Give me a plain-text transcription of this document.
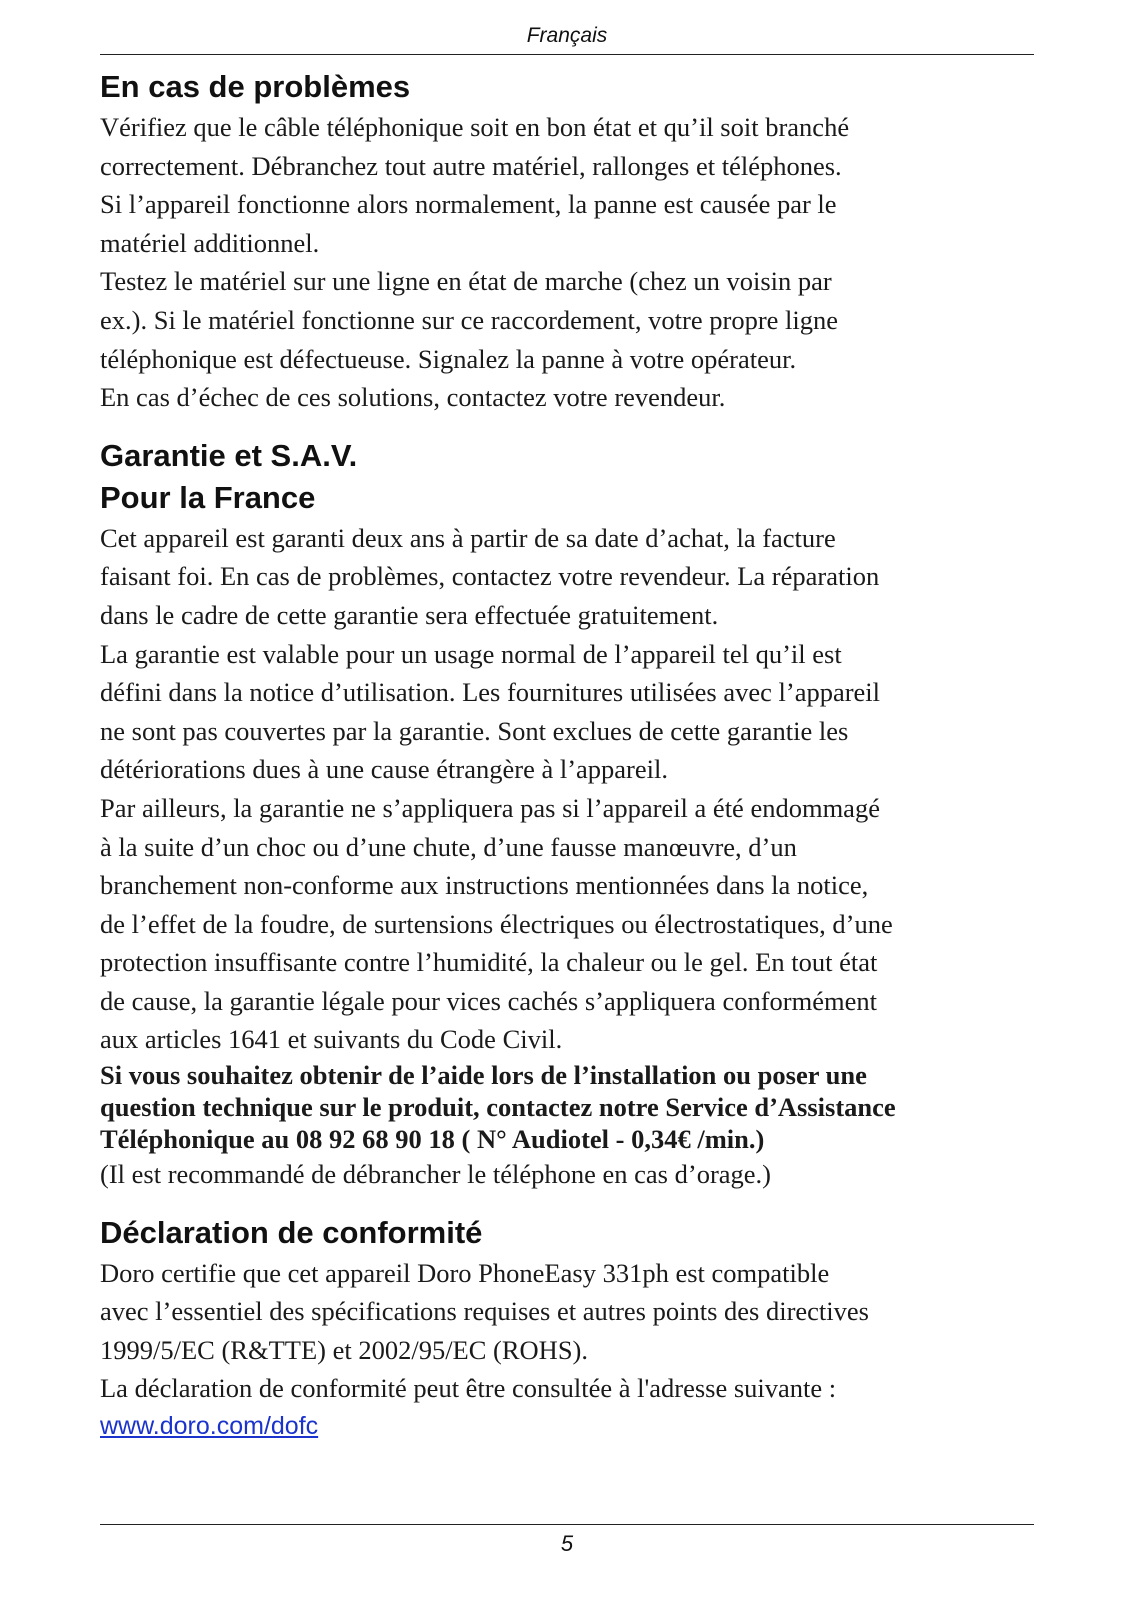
Français
En cas de problèmes

Vérifiez que le câble téléphonique soit en bon état et qu’il soit branché

correctement. Débranchez tout autre matériel, rallonges et téléphones.

Si l’appareil fonctionne alors normalement, la panne est causée par le

matériel additionnel.

Testez le matériel sur une ligne en état de marche (chez un voisin par

ex.). Si le matériel fonctionne sur ce raccordement, votre propre ligne

téléphonique est défectueuse. Signalez la panne à votre opérateur.

En cas d’échec de ces solutions, contactez votre revendeur.

Garantie et S.A.V.
Pour la France

Cet appareil est garanti deux ans à partir de sa date d’achat, la facture

faisant foi. En cas de problèmes, contactez votre revendeur. La réparation

dans le cadre de cette garantie sera effectuée gratuitement.

La garantie est valable pour un usage normal de l’appareil tel qu’il est

défini dans la notice d’utilisation. Les fournitures utilisées avec l’appareil

ne sont pas couvertes par la garantie. Sont exclues de cette garantie les

détériorations dues à une cause étrangère à l’appareil.

Par ailleurs, la garantie ne s’appliquera pas si l’appareil a été endommagé

à la suite d’un choc ou d’une chute, d’une fausse manœuvre, d’un

branchement non-conforme aux instructions mentionnées dans la notice,

de l’effet de la foudre, de surtensions électriques ou électrostatiques, d’une

protection insuffisante contre l’humidité, la chaleur ou le gel. En tout état

de cause, la garantie légale pour vices cachés s’appliquera conformément

aux articles 1641 et suivants du Code Civil.

Si vous souhaitez obtenir de l’aide lors de l’installation ou poser une

question technique sur le produit, contactez notre Service d’Assistance

Téléphonique au 08 92 68 90 18 ( N° Audiotel - 0,34€ /min.)

(Il est recommandé de débrancher le téléphone en cas d’orage.)

Déclaration de conformité

Doro certifie que cet appareil Doro PhoneEasy 331ph est compatible

avec l’essentiel des spécifications requises et autres points des directives

1999/5/EC (R&TTE) et 2002/95/EC (ROHS).

La déclaration de conformité peut être consultée à l'adresse suivante :

www.doro.com/dofc
5
